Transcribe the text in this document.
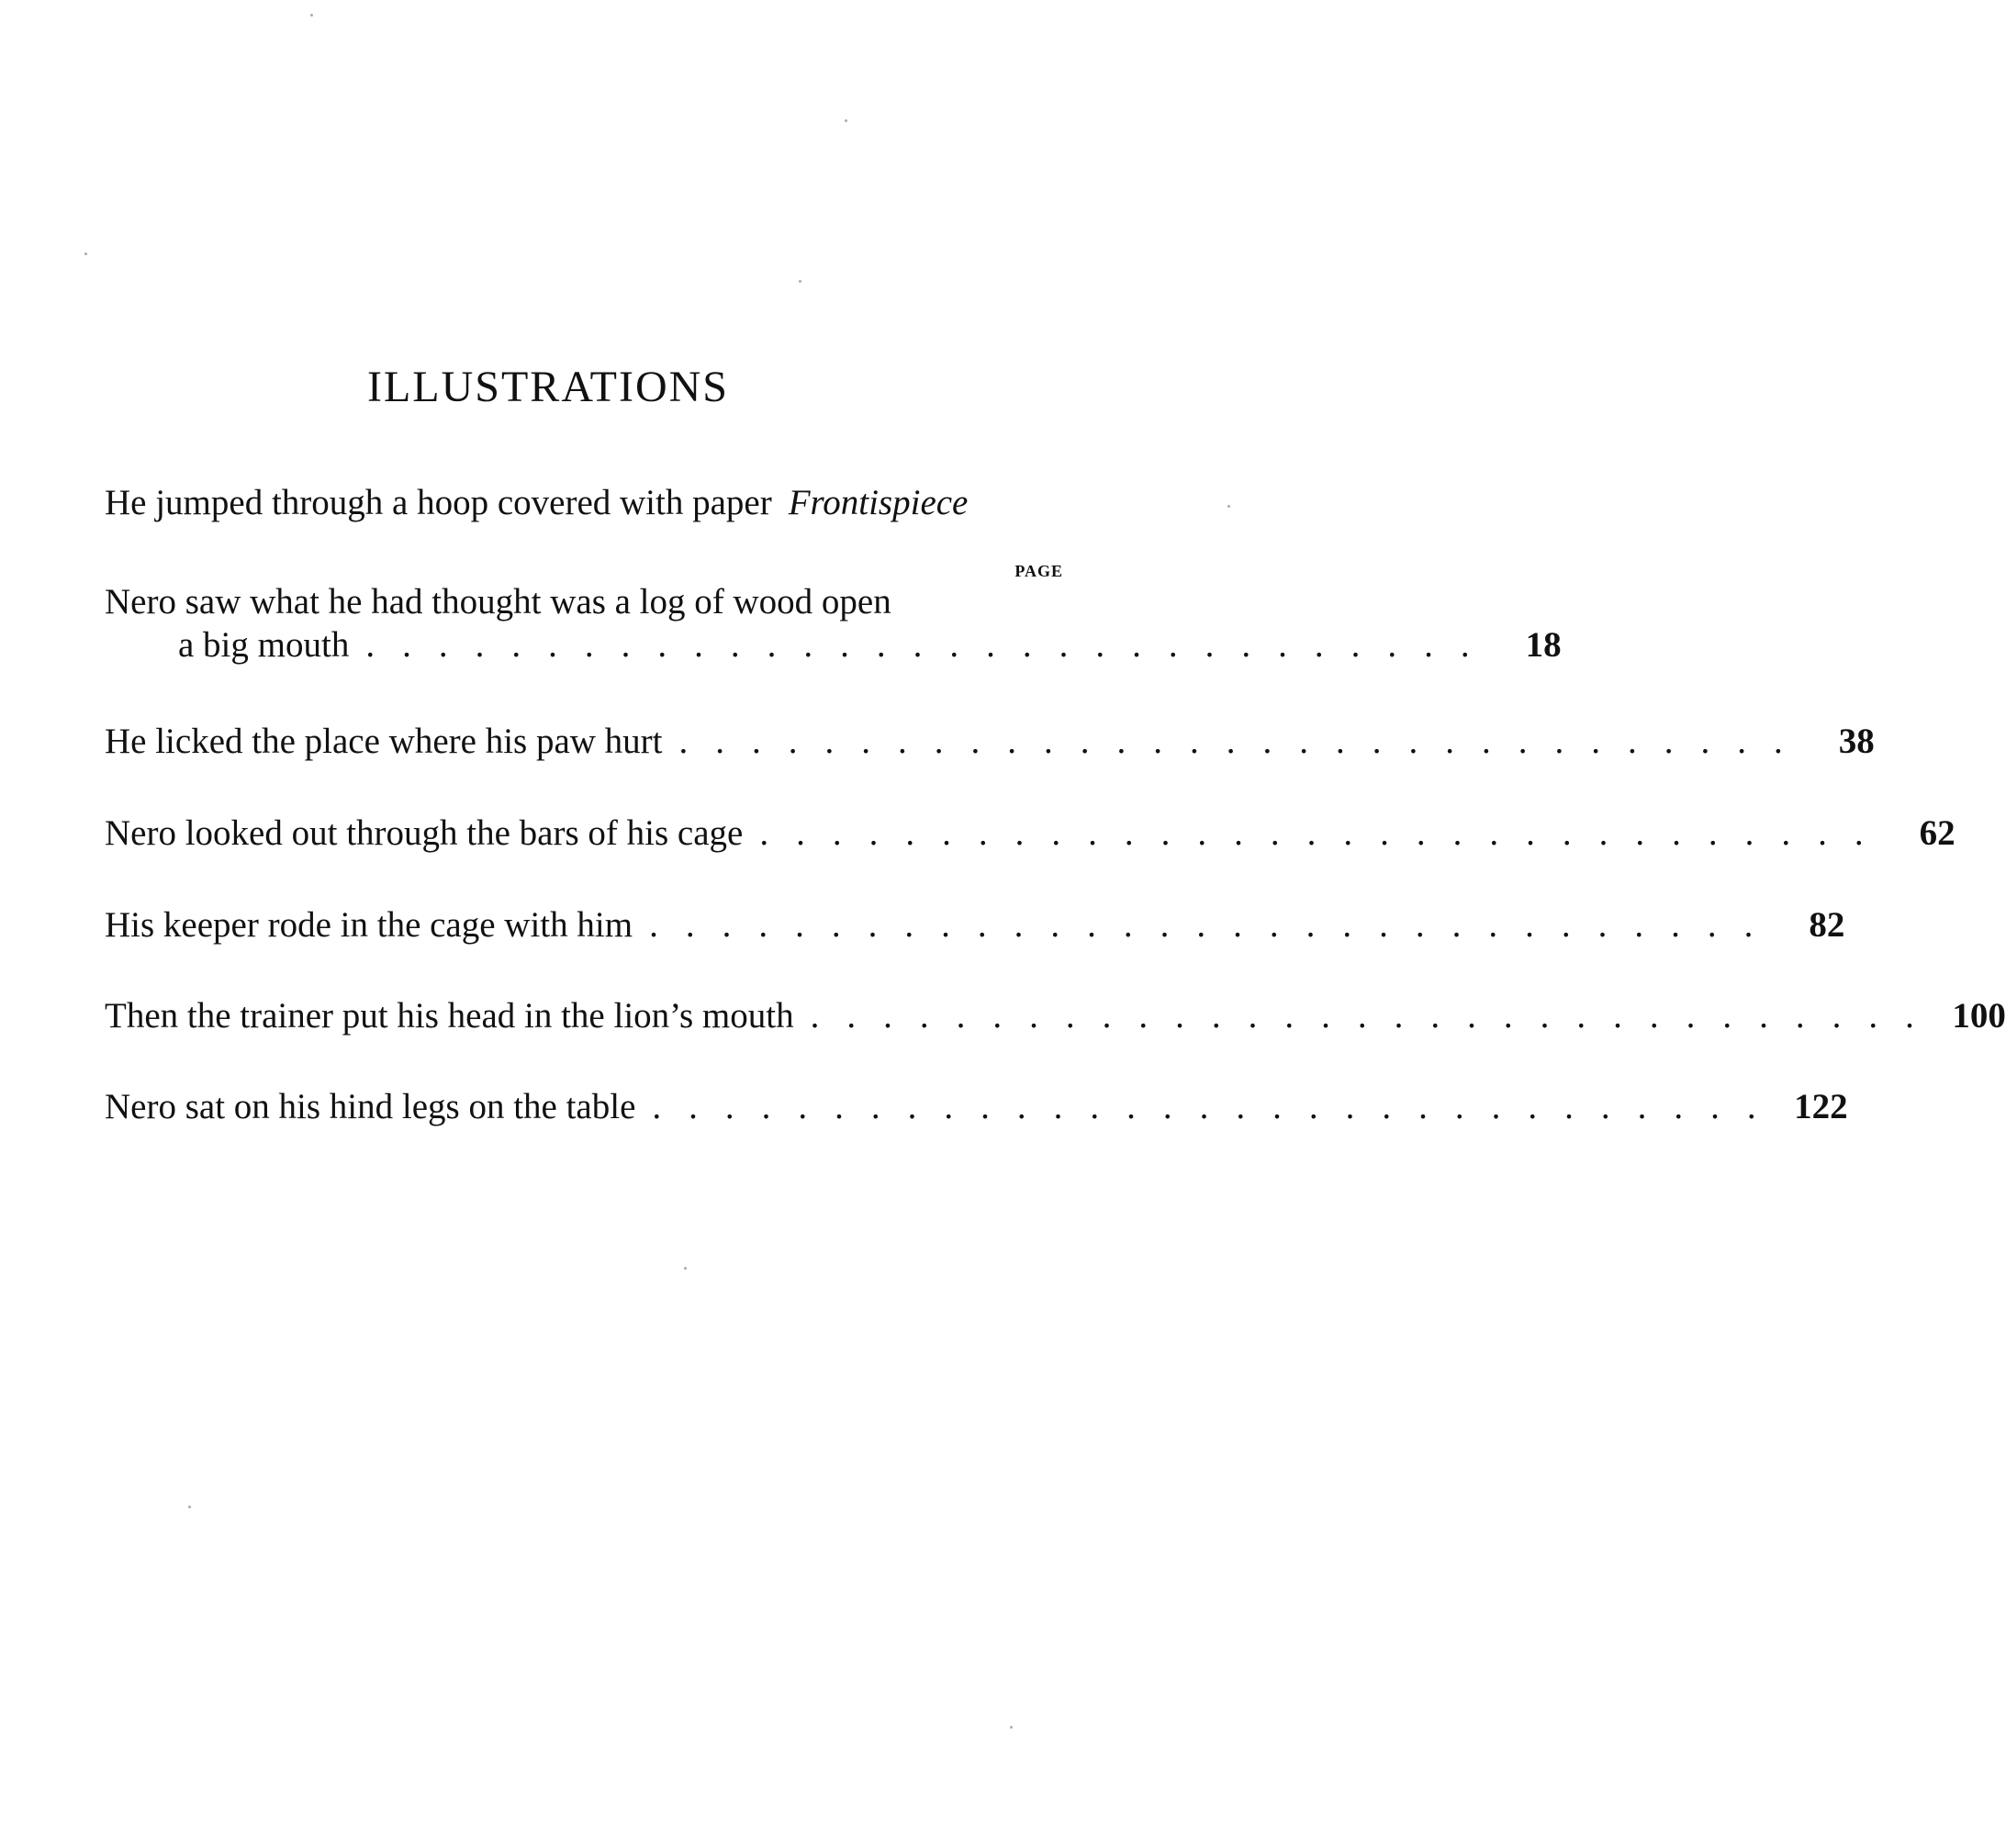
ILLUSTRATIONS
He jumped through a hoop covered with paper Frontispiece
PAGE
Nero saw what he had thought was a log of wood open
a big mouth ............................... 18
He licked the place where his paw hurt ............................... 38
Nero looked out through the bars of his cage ............................... 62
His keeper rode in the cage with him ............................... 82
Then the trainer put his head in the lion’s mouth ............................... 100
Nero sat on his hind legs on the table ............................... 122
